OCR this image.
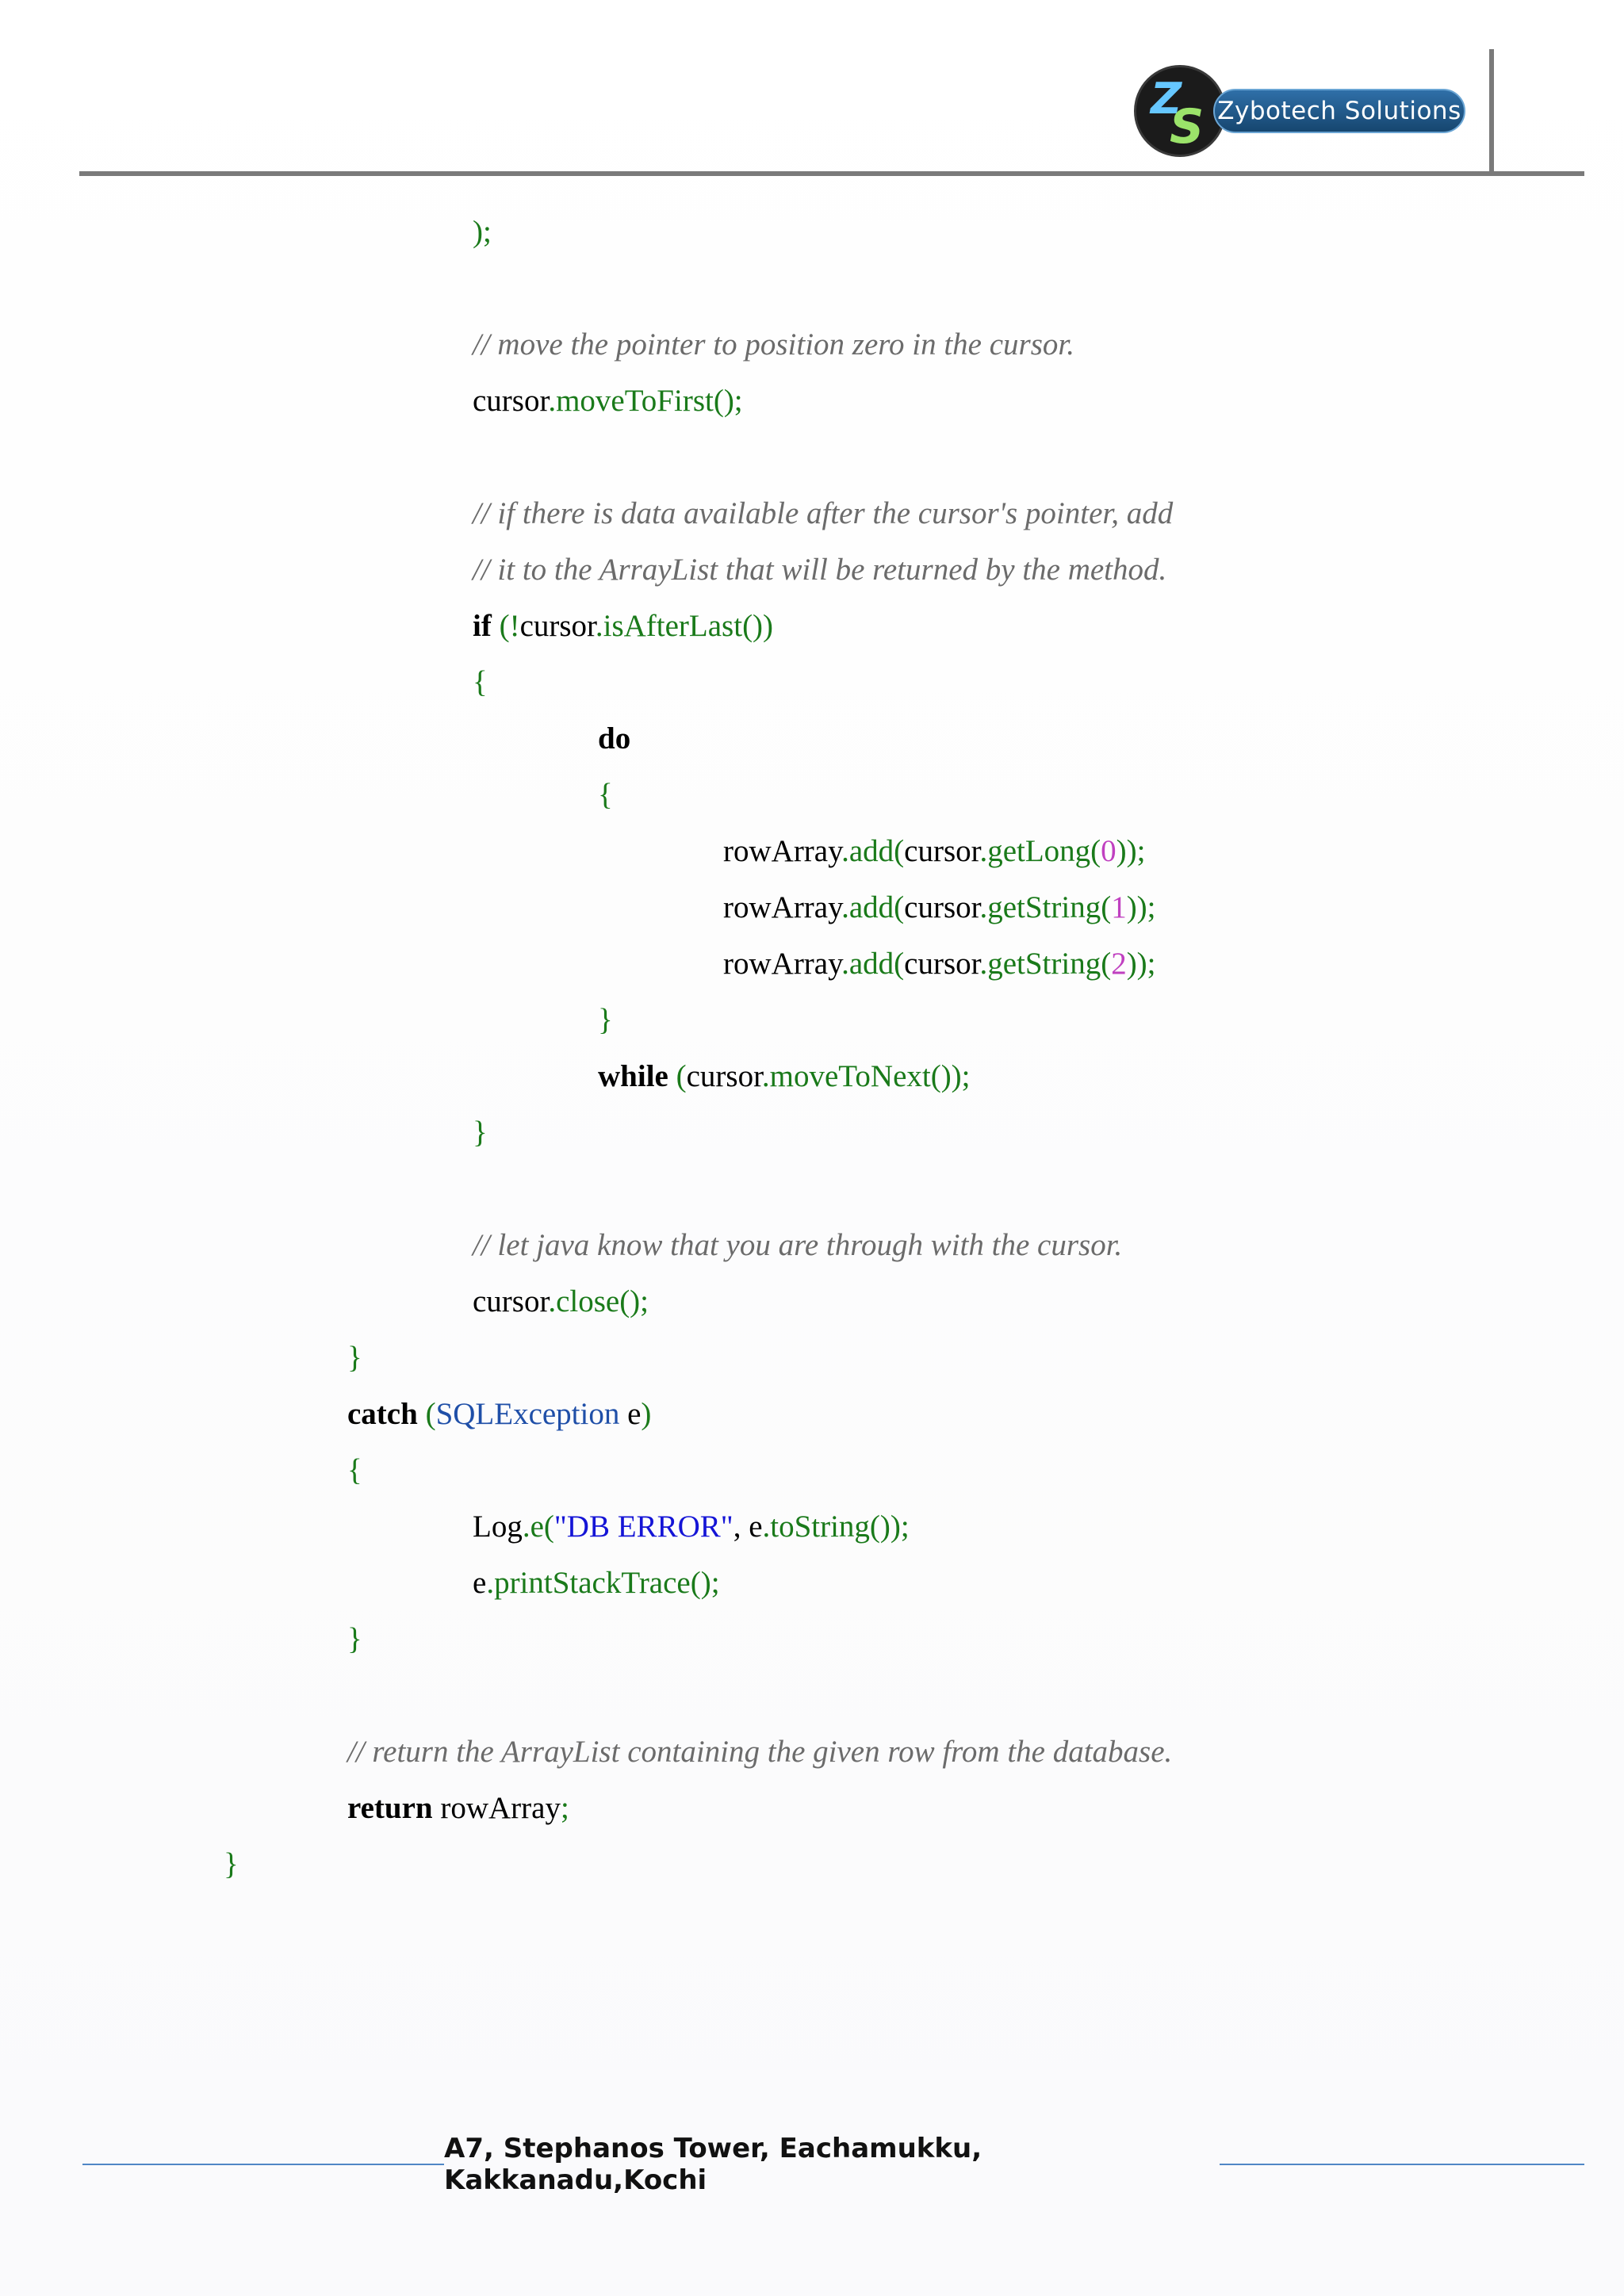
Z
S Zybotech Solutions
);
// move the pointer to position zero in the cursor.
cursor.moveToFirst();
// if there is data available after the cursor's pointer, add
// it to the ArrayList that will be returned by the method.
if (!cursor.isAfterLast())
{
do
{
rowArray.add(cursor.getLong(0));
rowArray.add(cursor.getString(1));
rowArray.add(cursor.getString(2));
}
while (cursor.moveToNext());
}
// let java know that you are through with the cursor.
cursor.close();
}
catch (SQLException e)
{
Log.e("DB ERROR", e.toString());
e.printStackTrace();
}
// return the ArrayList containing the given row from the database.
return rowArray;
}
A7, Stephanos Tower, Eachamukku, Kakkanadu,Kochi
